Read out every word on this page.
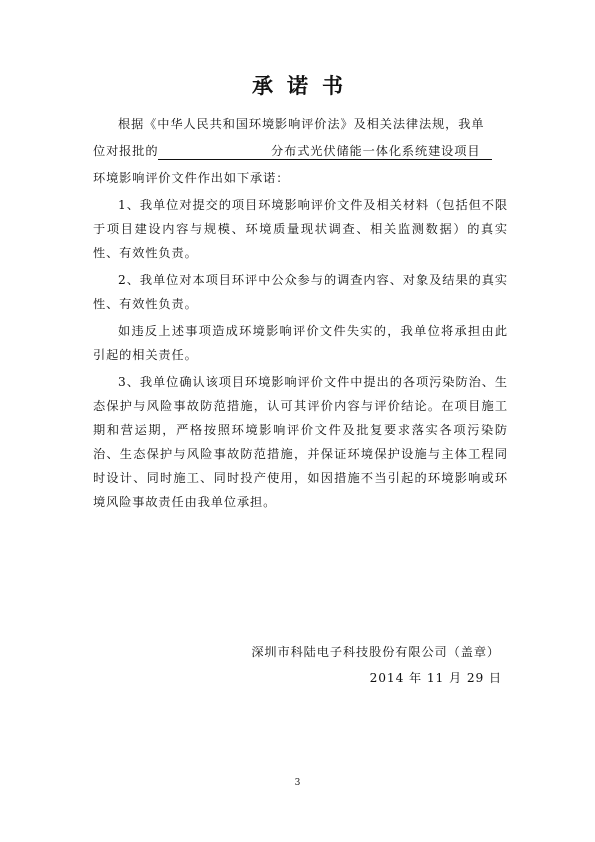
承诺书
根据《中华人民共和国环境影响评价法》及相关法律法规，我单
位对报批的	分布式光伏储能一体化系统建设项目
环境影响评价文件作出如下承诺：

1、我单位对提交的项目环境影响评价文件及相关材料（包括但不限于项目建设内容与规模、环境质量现状调查、相关监测数据）的真实性、有效性负责。

2、我单位对本项目环评中公众参与的调查内容、对象及结果的真实性、有效性负责。

如违反上述事项造成环境影响评价文件失实的，我单位将承担由此引起的相关责任。

3、我单位确认该项目环境影响评价文件中提出的各项污染防治、生态保护与风险事故防范措施，认可其评价内容与评价结论。在项目施工期和营运期，严格按照环境影响评价文件及批复要求落实各项污染防治、生态保护与风险事故防范措施，并保证环境保护设施与主体工程同时设计、同时施工、同时投产使用，如因措施不当引起的环境影响或环境风险事故责任由我单位承担。

深圳市科陆电子科技股份有限公司（盖章）
2014 年 11 月 29 日
3
